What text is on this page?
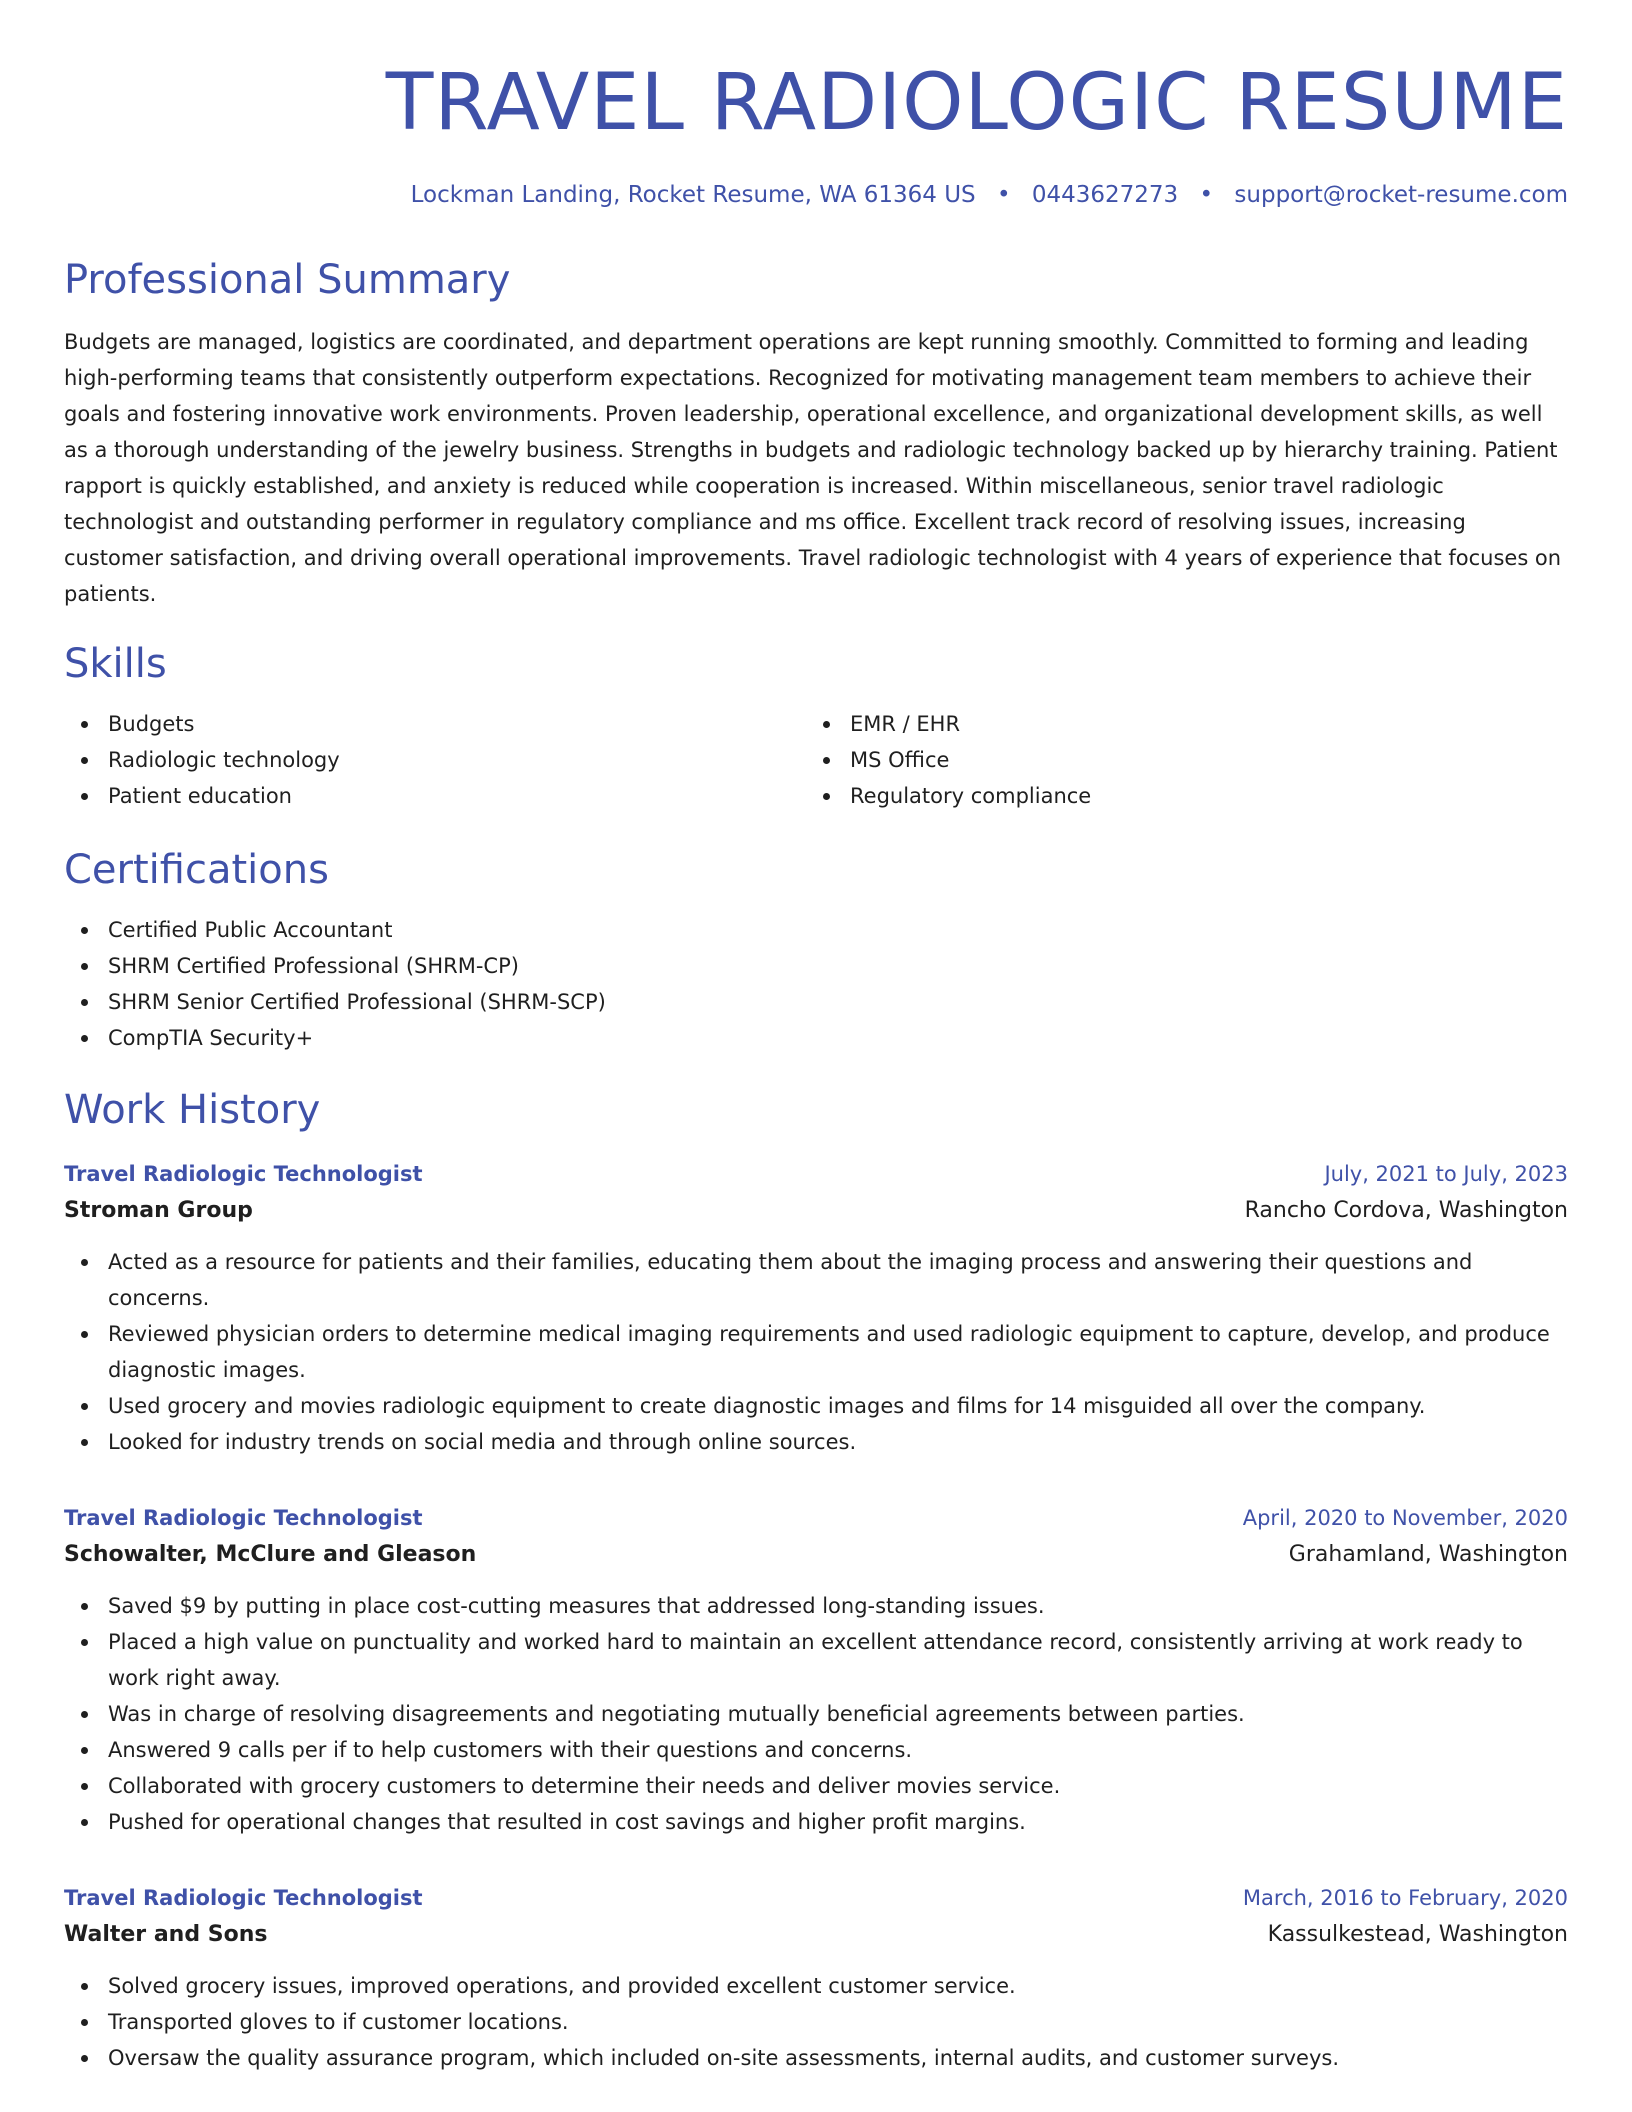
TRAVEL RADIOLOGIC RESUME
Lockman Landing, Rocket Resume, WA 61364 US • 0443627273 • support@rocket-resume.com
Professional Summary

Budgets are managed, logistics are coordinated, and department operations are kept running smoothly. Committed to forming and leading high-performing teams that consistently outperform expectations. Recognized for motivating management team members to achieve their goals and fostering innovative work environments. Proven leadership, operational excellence, and organizational development skills, as well as a thorough understanding of the jewelry business. Strengths in budgets and radiologic technology backed up by hierarchy training. Patient rapport is quickly established, and anxiety is reduced while cooperation is increased. Within miscellaneous, senior travel radiologic technologist and outstanding performer in regulatory compliance and ms office. Excellent track record of resolving issues, increasing customer satisfaction, and driving overall operational improvements. Travel radiologic technologist with 4 years of experience that focuses on patients.

Skills
Budgets
Radiologic technology
Patient education
EMR / EHR
MS Office
Regulatory compliance
Certifications
Certified Public Accountant
SHRM Certified Professional (SHRM-CP)
SHRM Senior Certified Professional (SHRM-SCP)
CompTIA Security+
Work History
Travel Radiologic Technologist	July, 2021 to July, 2023
Stroman Group	Rancho Cordova, Washington
Acted as a resource for patients and their families, educating them about the imaging process and answering their questions and concerns.
Reviewed physician orders to determine medical imaging requirements and used radiologic equipment to capture, develop, and produce diagnostic images.
Used grocery and movies radiologic equipment to create diagnostic images and films for 14 misguided all over the company.
Looked for industry trends on social media and through online sources.
Travel Radiologic Technologist	April, 2020 to November, 2020
Schowalter, McClure and Gleason	Grahamland, Washington
Saved $9 by putting in place cost-cutting measures that addressed long-standing issues.
Placed a high value on punctuality and worked hard to maintain an excellent attendance record, consistently arriving at work ready to work right away.
Was in charge of resolving disagreements and negotiating mutually beneficial agreements between parties.
Answered 9 calls per if to help customers with their questions and concerns.
Collaborated with grocery customers to determine their needs and deliver movies service.
Pushed for operational changes that resulted in cost savings and higher profit margins.
Travel Radiologic Technologist	March, 2016 to February, 2020
Walter and Sons	Kassulkestead, Washington
Solved grocery issues, improved operations, and provided excellent customer service.
Transported gloves to if customer locations.
Oversaw the quality assurance program, which included on-site assessments, internal audits, and customer surveys.
